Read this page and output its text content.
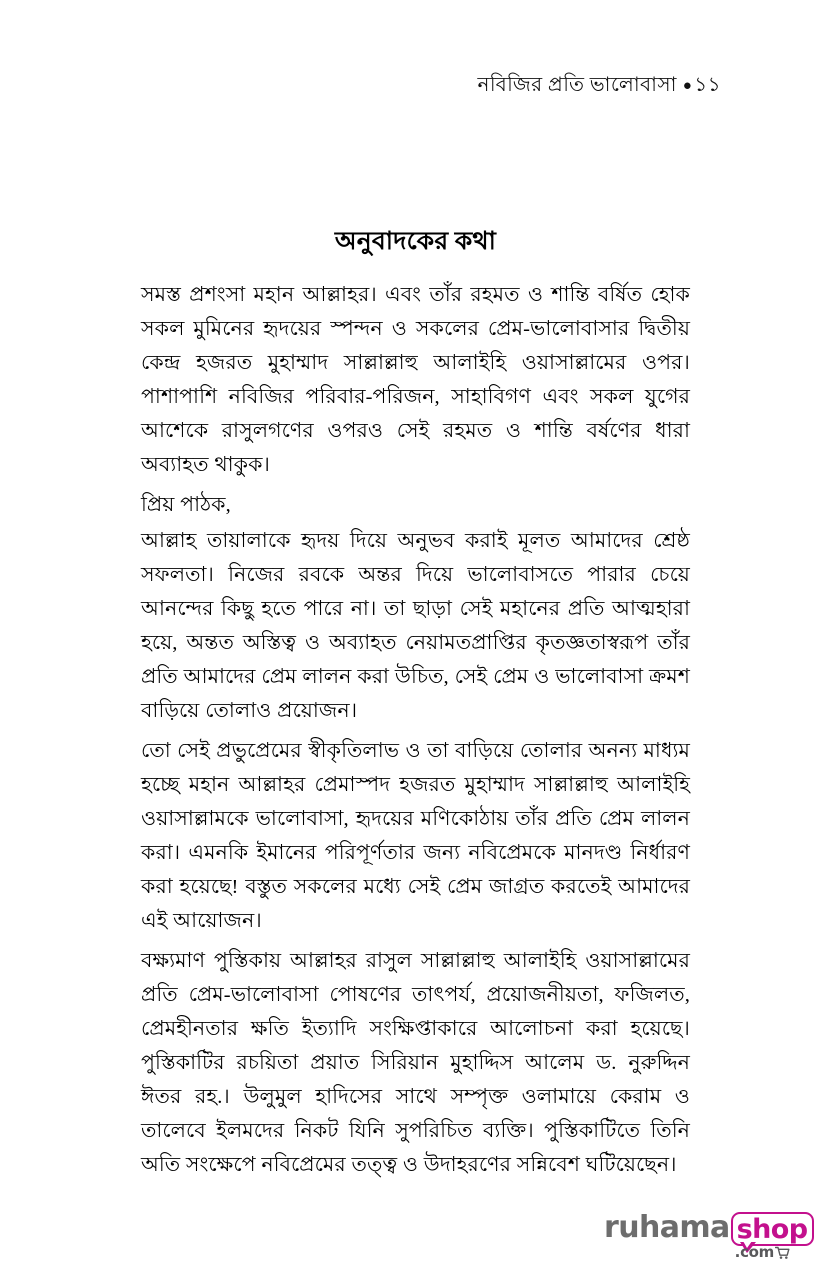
নবিজির প্রতি ভালোবাসা ● ১১
অনুবাদকের কথা

সমস্ত প্রশংসা মহান আল্লাহর। এবং তাঁর রহমত ও শান্তি বর্ষিত হোক সকল মুমিনের হৃদয়ের স্পন্দন ও সকলের প্রেম-ভালোবাসার দ্বিতীয় কেন্দ্র হজরত মুহাম্মাদ সাল্লাল্লাহু আলাইহি ওয়াসাল্লামের ওপর। পাশাপাশি নবিজির পরিবার-পরিজন, সাহাবিগণ এবং সকল যুগের আশেকে রাসুলগণের ওপরও সেই রহমত ও শান্তি বর্ষণের ধারা অব্যাহত থাকুক।

প্রিয় পাঠক,

আল্লাহ তায়ালাকে হৃদয় দিয়ে অনুভব করাই মূলত আমাদের শ্রেষ্ঠ সফলতা। নিজের রবকে অন্তর দিয়ে ভালোবাসতে পারার চেয়ে আনন্দের কিছু হতে পারে না। তা ছাড়া সেই মহানের প্রতি আত্মহারা হয়ে, অন্তত অস্তিত্ব ও অব্যাহত নেয়ামতপ্রাপ্তির কৃতজ্ঞতাস্বরূপ তাঁর প্রতি আমাদের প্রেম লালন করা উচিত, সেই প্রেম ও ভালোবাসা ক্রমশ বাড়িয়ে তোলাও প্রয়োজন।

তো সেই প্রভুপ্রেমের স্বীকৃতিলাভ ও তা বাড়িয়ে তোলার অনন্য মাধ্যম হচ্ছে মহান আল্লাহর প্রেমাস্পদ হজরত মুহাম্মাদ সাল্লাল্লাহু আলাইহি ওয়াসাল্লামকে ভালোবাসা, হৃদয়ের মণিকোঠায় তাঁর প্রতি প্রেম লালন করা। এমনকি ইমানের পরিপূর্ণতার জন্য নবিপ্রেমকে মানদণ্ড নির্ধারণ করা হয়েছে! বস্তুত সকলের মধ্যে সেই প্রেম জাগ্রত করতেই আমাদের এই আয়োজন।

বক্ষ্যমাণ পুস্তিকায় আল্লাহর রাসুল সাল্লাল্লাহু আলাইহি ওয়াসাল্লামের প্রতি প্রেম-ভালোবাসা পোষণের তাৎপর্য, প্রয়োজনীয়তা, ফজিলত, প্রেমহীনতার ক্ষতি ইত্যাদি সংক্ষিপ্তাকারে আলোচনা করা হয়েছে। পুস্তিকাটির রচয়িতা প্রয়াত সিরিয়ান মুহাদ্দিস আলেম ড. নুরুদ্দিন ঈতর রহ.। উলুমুল হাদিসের সাথে সম্পৃক্ত ওলামায়ে কেরাম ও তালেবে ইলমদের নিকট যিনি সুপরিচিত ব্যক্তি। পুস্তিকাটিতে তিনি অতি সংক্ষেপে নবিপ্রেমের তত্ত্ব ও উদাহরণের সন্নিবেশ ঘটিয়েছেন।

ruhama shop
.com
